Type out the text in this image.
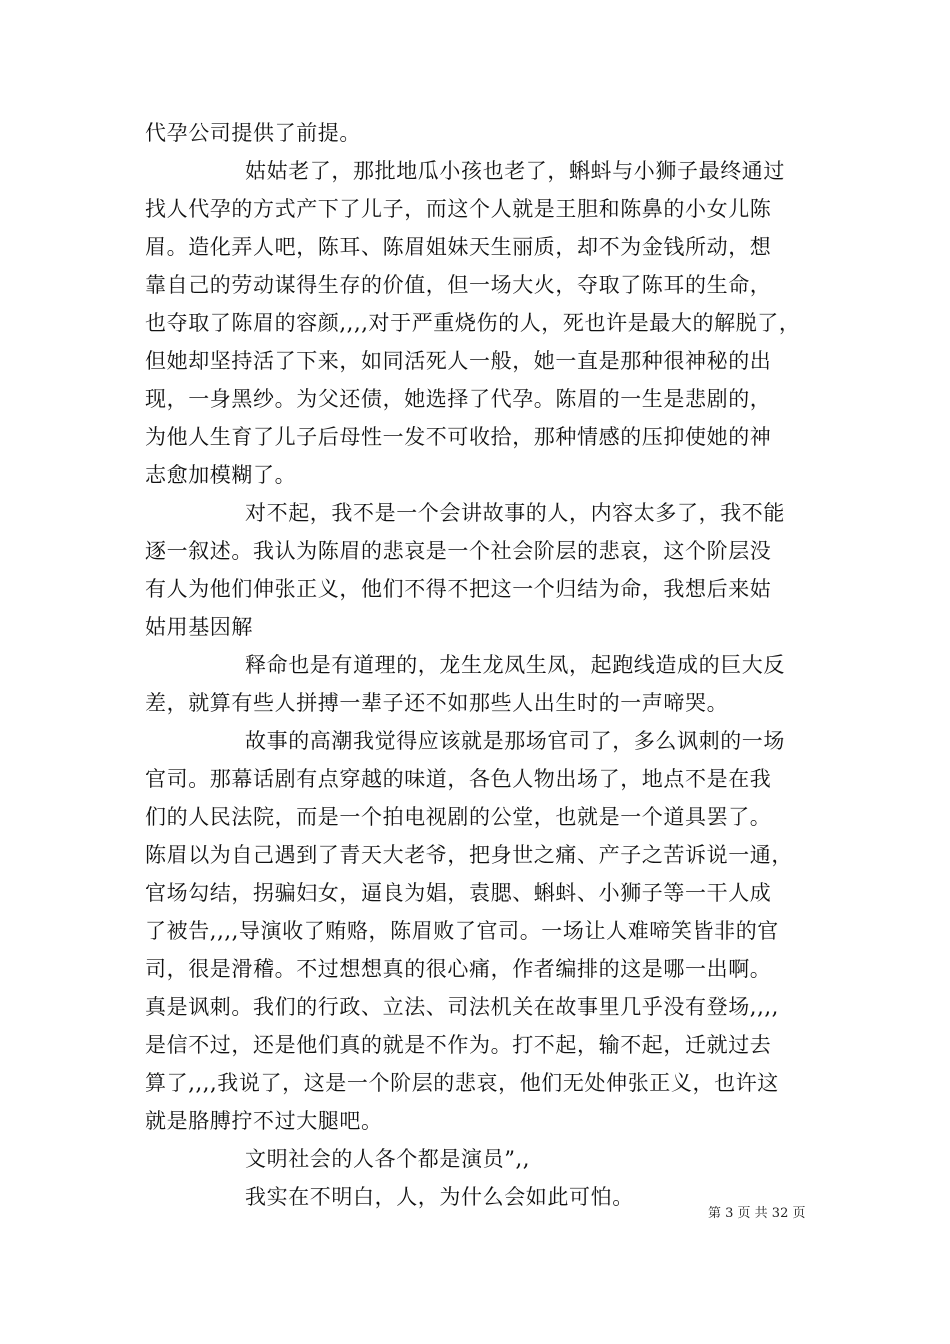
代孕公司提供了前提。
姑姑老了，那批地瓜小孩也老了，蝌蚪与小狮子最终通过
找人代孕的方式产下了儿子，而这个人就是王胆和陈鼻的小女儿陈
眉。造化弄人吧，陈耳、陈眉姐妹天生丽质，却不为金钱所动，想
靠自己的劳动谋得生存的价值，但一场大火，夺取了陈耳的生命，
也夺取了陈眉的容颜,,,,对于严重烧伤的人，死也许是最大的解脱了，
但她却坚持活了下来，如同活死人一般，她一直是那种很神秘的出
现，一身黑纱。为父还债，她选择了代孕。陈眉的一生是悲剧的，
为他人生育了儿子后母性一发不可收拾，那种情感的压抑使她的神
志愈加模糊了。
对不起，我不是一个会讲故事的人，内容太多了，我不能
逐一叙述。我认为陈眉的悲哀是一个社会阶层的悲哀，这个阶层没
有人为他们伸张正义，他们不得不把这一个归结为命，我想后来姑
姑用基因解
释命也是有道理的，龙生龙凤生凤，起跑线造成的巨大反
差，就算有些人拼搏一辈子还不如那些人出生时的一声啼哭。
故事的高潮我觉得应该就是那场官司了，多么讽刺的一场
官司。那幕话剧有点穿越的味道，各色人物出场了，地点不是在我
们的人民法院，而是一个拍电视剧的公堂，也就是一个道具罢了。
陈眉以为自己遇到了青天大老爷，把身世之痛、产子之苦诉说一通，
官场勾结，拐骗妇女，逼良为娼，袁腮、蝌蚪、小狮子等一干人成
了被告,,,,导演收了贿赂，陈眉败了官司。一场让人难啼笑皆非的官
司，很是滑稽。不过想想真的很心痛，作者编排的这是哪一出啊。
真是讽刺。我们的行政、立法、司法机关在故事里几乎没有登场,,,,
是信不过，还是他们真的就是不作为。打不起，输不起，迁就过去
算了,,,,我说了，这是一个阶层的悲哀，他们无处伸张正义，也许这
就是胳膊拧不过大腿吧。
文明社会的人各个都是演员”,,
我实在不明白，人，为什么会如此可怕。
第 3 页 共 32 页
